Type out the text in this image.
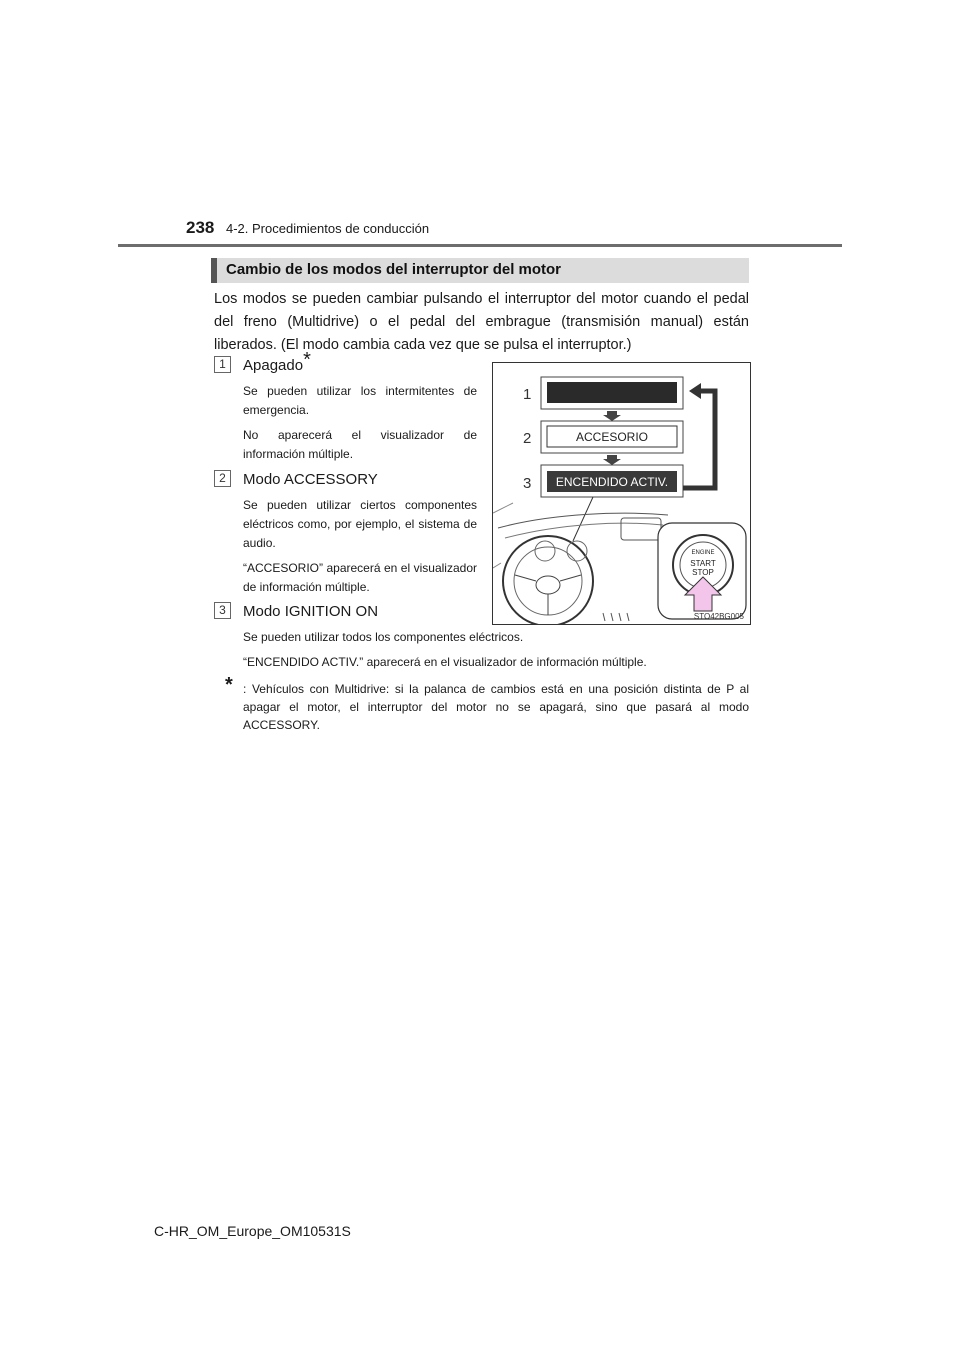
238 4-2. Procedimientos de conducción
Cambio de los modos del interruptor del motor
Los modos se pueden cambiar pulsando el interruptor del motor cuando el pedal del freno (Multidrive) o el pedal del embrague (transmisión manual) están liberados. (El modo cambia cada vez que se pulsa el interruptor.)
1	Apagado*
Se pueden utilizar los intermitentes de emergencia.
No aparecerá el visualizador de información múltiple.
2	Modo ACCESSORY
Se pueden utilizar ciertos componentes eléctricos como, por ejemplo, el sistema de audio.
“ACCESORIO” aparecerá en el visualizador de información múltiple.
3	Modo IGNITION ON
Se pueden utilizar todos los componentes eléctricos.
“ENCENDIDO ACTIV.” aparecerá en el visualizador de información múltiple.
ACCESORIO
ENCENDIDO ACTIV.
1
2
3
ENGINE
START
STOP
STO42BG005
* : Vehículos con Multidrive: si la palanca de cambios está en una posición distinta de P al apagar el motor, el interruptor del motor no se apagará, sino que pasará al modo ACCESSORY.
C-HR_OM_Europe_OM10531S
